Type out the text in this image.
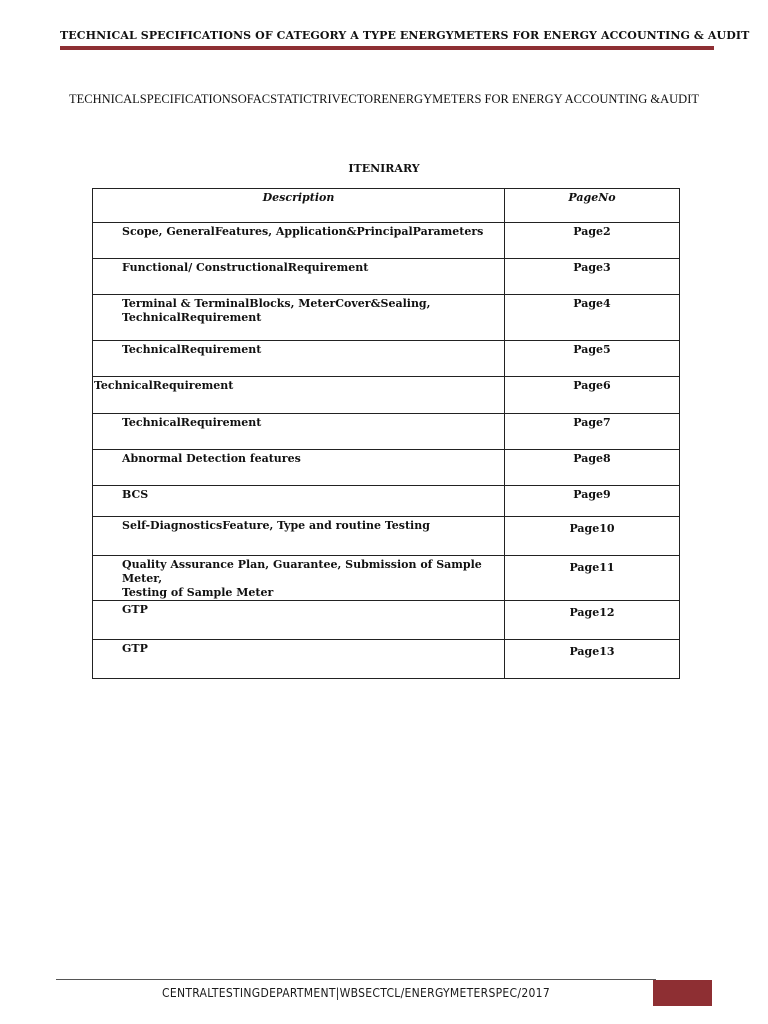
TECHNICAL SPECIFICATIONS OF CATEGORY A TYPE ENERGYMETERS FOR ENERGY ACCOUNTING & AUDIT
TECHNICALSPECIFICATIONSOFACSTATICTRIVECTORENERGYMETERS FOR ENERGY ACCOUNTING &AUDIT
ITENIRARY
Description	PageNo
Scope, GeneralFeatures, Application&PrincipalParameters	Page2
Functional/ ConstructionalRequirement	Page3
Terminal & TerminalBlocks, MeterCover&Sealing,
TechnicalRequirement	Page4
TechnicalRequirement	Page5
TechnicalRequirement	Page6
TechnicalRequirement	Page7
Abnormal Detection features	Page8
BCS	Page9
Self-DiagnosticsFeature, Type and routine Testing	Page10
Quality Assurance Plan, Guarantee, Submission of Sample Meter,
Testing of Sample Meter	Page11
GTP	Page12
GTP	Page13
CENTRALTESTINGDEPARTMENT|WBSECTCL/ENERGYMETERSPEC/2017
